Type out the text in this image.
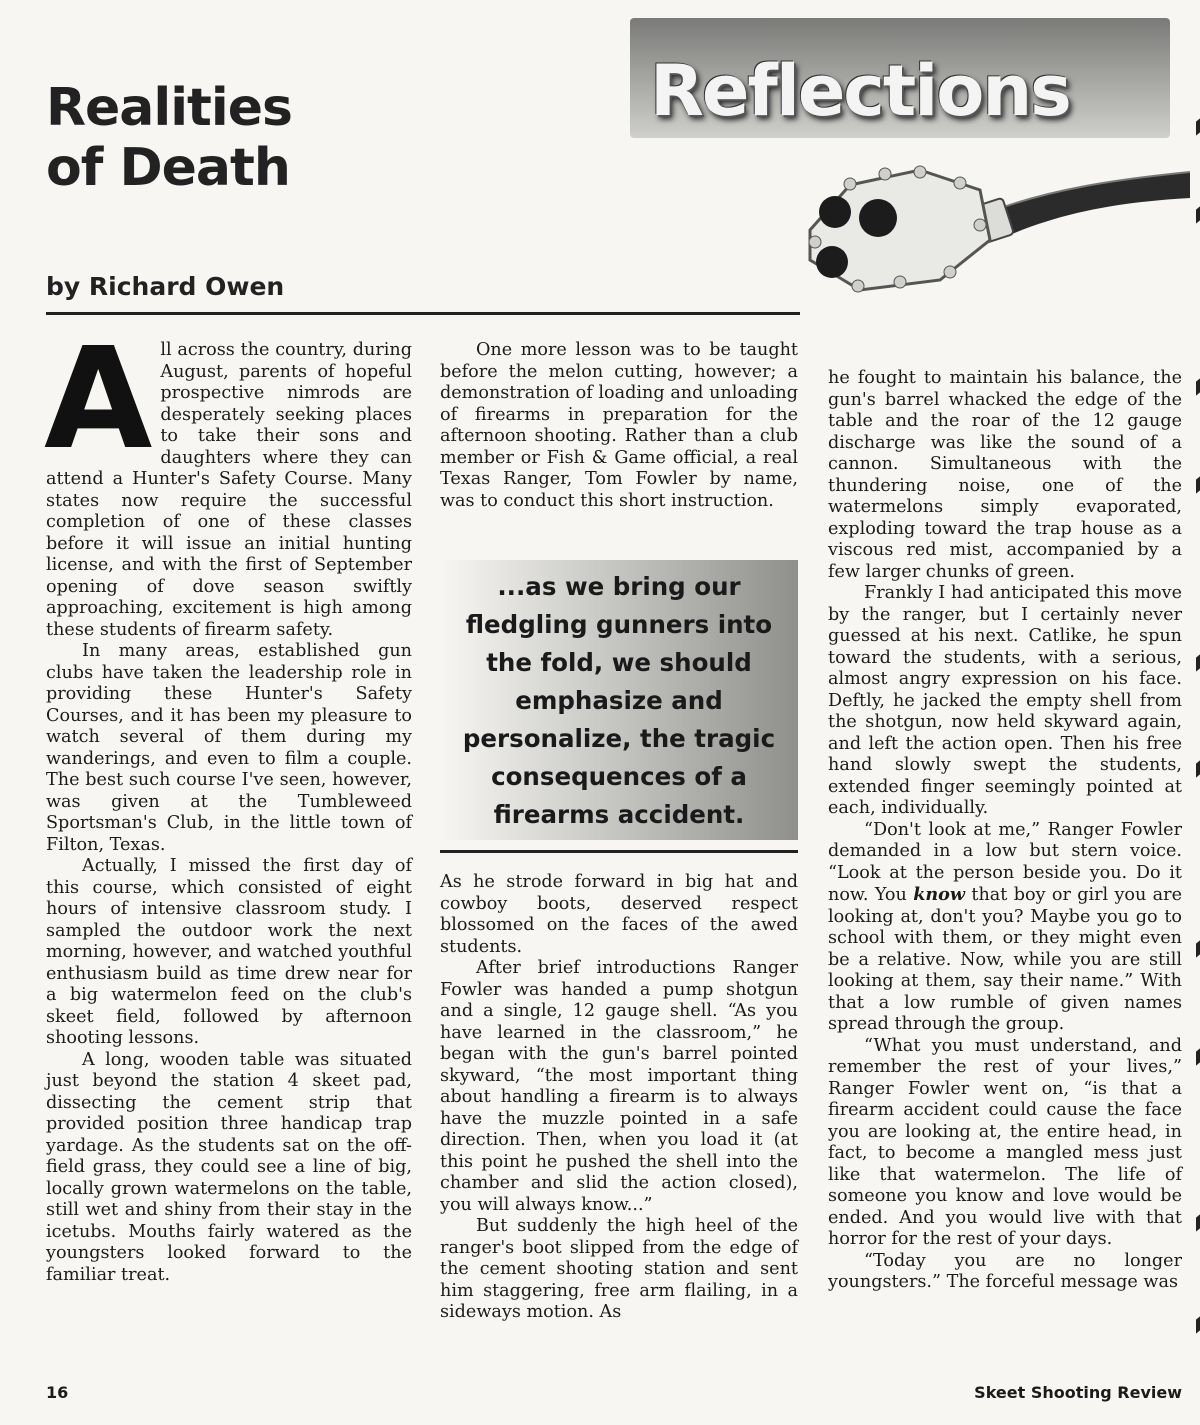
Realities
of Death
by Richard Owen
Reflections
A ll across the country, during August, parents of hopeful prospective nimrods are desperately seeking places to take their sons and daughters where they can attend a Hunter's Safety Course. Many states now require the successful completion of one of these classes before it will issue an initial hunting license, and with the first of September opening of dove season swiftly approaching, excitement is high among these students of firearm safety.

In many areas, established gun clubs have taken the leadership role in providing these Hunter's Safety Courses, and it has been my pleasure to watch several of them during my wanderings, and even to film a couple. The best such course I've seen, however, was given at the Tumbleweed Sportsman's Club, in the little town of Filton, Texas.

Actually, I missed the first day of this course, which consisted of eight hours of intensive classroom study. I sampled the outdoor work the next morning, however, and watched youthful enthusiasm build as time drew near for a big watermelon feed on the club's skeet field, followed by afternoon shooting lessons.

A long, wooden table was situated just beyond the station 4 skeet pad, dissecting the cement strip that provided position three handicap trap yardage. As the students sat on the off-field grass, they could see a line of big, locally grown watermelons on the table, still wet and shiny from their stay in the icetubs. Mouths fairly watered as the youngsters looked forward to the familiar treat.

One more lesson was to be taught before the melon cutting, however; a demonstration of loading and unloading of firearms in preparation for the afternoon shooting. Rather than a club member or Fish & Game official, a real Texas Ranger, Tom Fowler by name, was to conduct this short instruction.

...as we bring our fledgling gunners into the fold, we should emphasize and personalize, the tragic consequences of a firearms accident.

As he strode forward in big hat and cowboy boots, deserved respect blossomed on the faces of the awed students.

After brief introductions Ranger Fowler was handed a pump shotgun and a single, 12 gauge shell. “As you have learned in the classroom,” he began with the gun's barrel pointed skyward, “the most important thing about handling a firearm is to always have the muzzle pointed in a safe direction. Then, when you load it (at this point he pushed the shell into the chamber and slid the action closed), you will always know...”

But suddenly the high heel of the ranger's boot slipped from the edge of the cement shooting station and sent him staggering, free arm flailing, in a sideways motion. As

he fought to maintain his balance, the gun's barrel whacked the edge of the table and the roar of the 12 gauge discharge was like the sound of a cannon. Simultaneous with the thundering noise, one of the watermelons simply evaporated, exploding toward the trap house as a viscous red mist, accompanied by a few larger chunks of green.

Frankly I had anticipated this move by the ranger, but I certainly never guessed at his next. Catlike, he spun toward the students, with a serious, almost angry expression on his face. Deftly, he jacked the empty shell from the shotgun, now held skyward again, and left the action open. Then his free hand slowly swept the students, extended finger seemingly pointed at each, individually.

“Don't look at me,” Ranger Fowler demanded in a low but stern voice. “Look at the person beside you. Do it now. You know that boy or girl you are looking at, don't you? Maybe you go to school with them, or they might even be a relative. Now, while you are still looking at them, say their name.” With that a low rumble of given names spread through the group.

“What you must understand, and remember the rest of your lives,” Ranger Fowler went on, “is that a firearm accident could cause the face you are looking at, the entire head, in fact, to become a mangled mess just like that watermelon. The life of someone you know and love would be ended. And you would live with that horror for the rest of your days.

“Today you are no longer youngsters.” The forceful message was

16	Skeet Shooting Review
